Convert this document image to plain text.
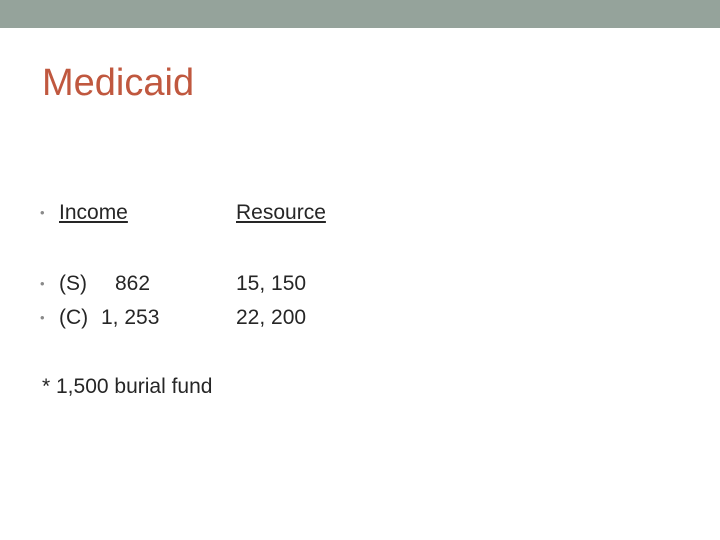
Medicaid
• Income	Resource
• (S) 862	15, 150
• (C) 1, 253	22, 200
* 1,500 burial fund
